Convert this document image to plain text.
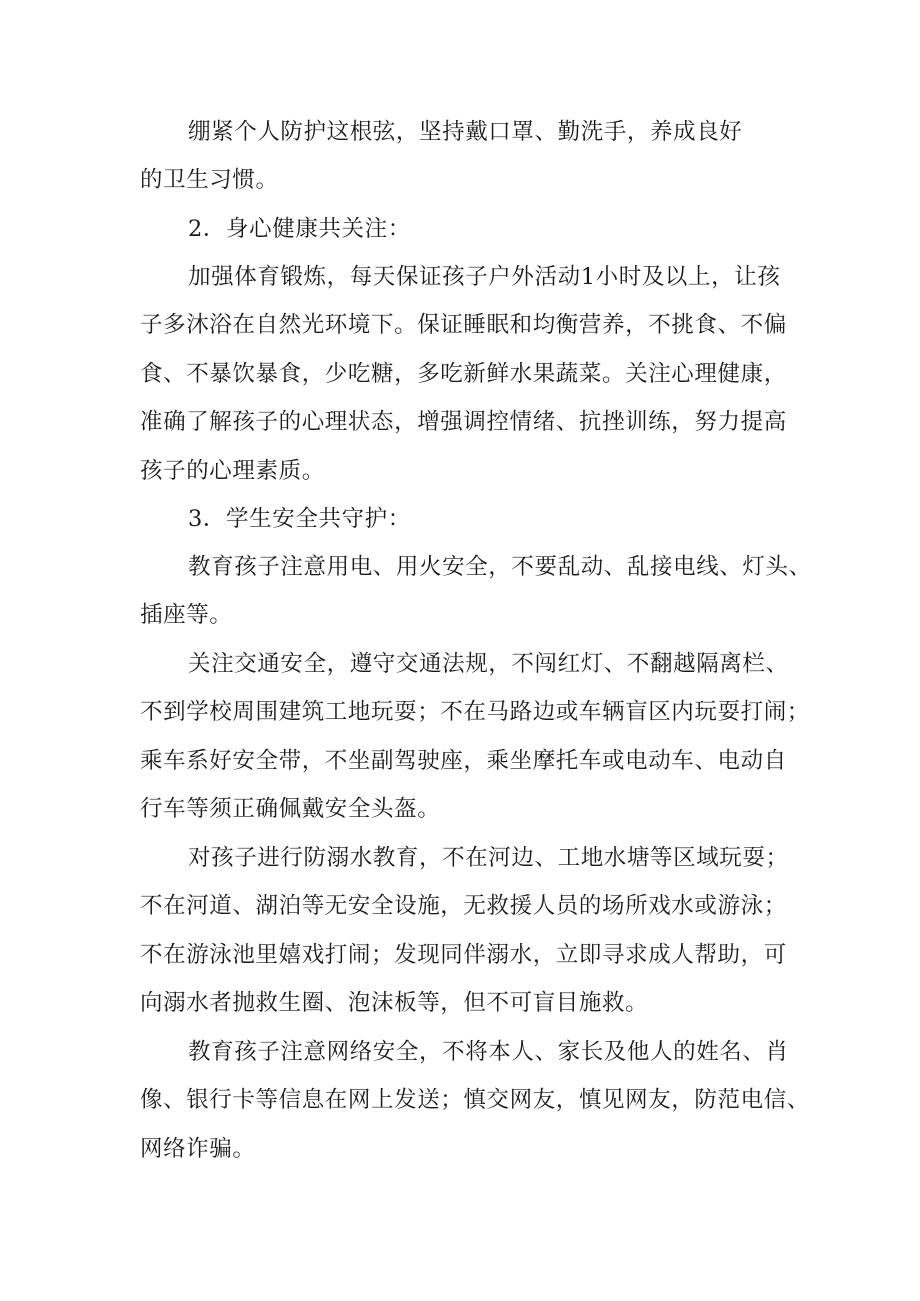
绷紧个人防护这根弦，坚持戴口罩、勤洗手，养成良好
的卫生习惯。

2．身心健康共关注：

加强体育锻炼，每天保证孩子户外活动1小时及以上，让孩
子多沐浴在自然光环境下。保证睡眠和均衡营养，不挑食、不偏
食、不暴饮暴食，少吃糖，多吃新鲜水果蔬菜。关注心理健康，
准确了解孩子的心理状态，增强调控情绪、抗挫训练，努力提高
孩子的心理素质。

3．学生安全共守护：

教育孩子注意用电、用火安全，不要乱动、乱接电线、灯头、
插座等。

关注交通安全，遵守交通法规，不闯红灯、不翻越隔离栏、
不到学校周围建筑工地玩耍；不在马路边或车辆盲区内玩耍打闹；
乘车系好安全带，不坐副驾驶座，乘坐摩托车或电动车、电动自
行车等须正确佩戴安全头盔。

对孩子进行防溺水教育，不在河边、工地水塘等区域玩耍；
不在河道、湖泊等无安全设施，无救援人员的场所戏水或游泳；
不在游泳池里嬉戏打闹；发现同伴溺水，立即寻求成人帮助，可
向溺水者抛救生圈、泡沫板等，但不可盲目施救。

教育孩子注意网络安全，不将本人、家长及他人的姓名、肖
像、银行卡等信息在网上发送；慎交网友，慎见网友，防范电信、
网络诈骗。
